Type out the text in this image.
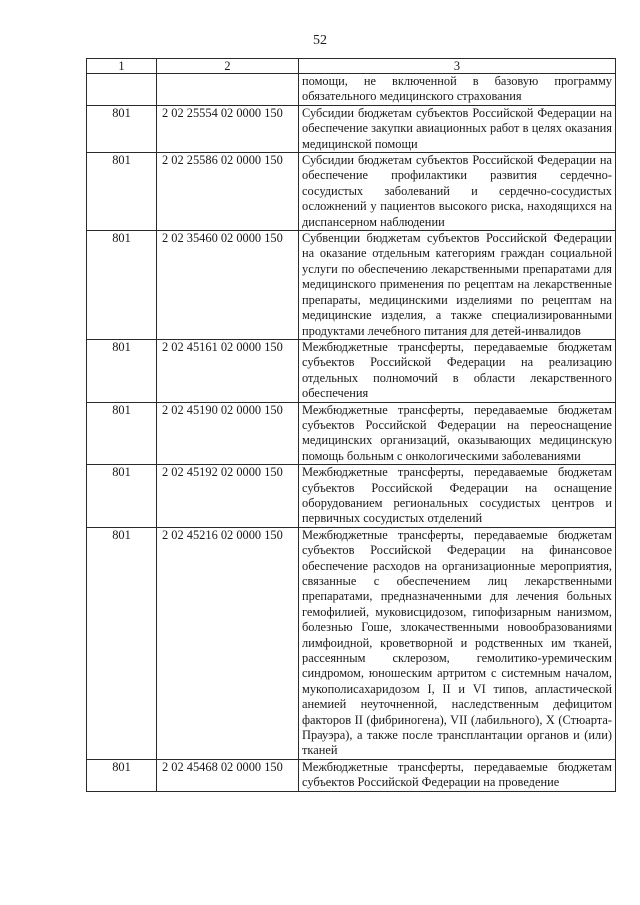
52
1	2	3
		помощи, не включенной в базовую программу обязательного медицинского страхования
801	2 02 25554 02 0000 150	Субсидии бюджетам субъектов Российской Федерации на обеспечение закупки авиационных работ в целях оказания медицинской помощи
801	2 02 25586 02 0000 150	Субсидии бюджетам субъектов Российской Федерации на обеспечение профилактики развития сердечно-сосудистых заболеваний и сердечно-сосудистых осложнений у пациентов высокого риска, находящихся на диспансерном наблюдении
801	2 02 35460 02 0000 150	Субвенции бюджетам субъектов Российской Федерации на оказание отдельным категориям граждан социальной услуги по обеспечению лекарственными препаратами для медицинского применения по рецептам на лекарственные препараты, медицинскими изделиями по рецептам на медицинские изделия, а также специализированными продуктами лечебного питания для детей-инвалидов
801	2 02 45161 02 0000 150	Межбюджетные трансферты, передаваемые бюджетам субъектов Российской Федерации на реализацию отдельных полномочий в области лекарственного обеспечения
801	2 02 45190 02 0000 150	Межбюджетные трансферты, передаваемые бюджетам субъектов Российской Федерации на переоснащение медицинских организаций, оказывающих медицинскую помощь больным с онкологическими заболеваниями
801	2 02 45192 02 0000 150	Межбюджетные трансферты, передаваемые бюджетам субъектов Российской Федерации на оснащение оборудованием региональных сосудистых центров и первичных сосудистых отделений
801	2 02 45216 02 0000 150	Межбюджетные трансферты, передаваемые бюджетам субъектов Российской Федерации на финансовое обеспечение расходов на организационные мероприятия, связанные с обеспечением лиц лекарственными препаратами, предназначенными для лечения больных гемофилией, муковисцидозом, гипофизарным нанизмом, болезнью Гоше, злокачественными новообразованиями лимфоидной, кроветворной и родственных им тканей, рассеянным склерозом, гемолитико-уремическим синдромом, юношеским артритом с системным началом, мукополисахаридозом I, II и VI типов, апластической анемией неуточненной, наследственным дефицитом факторов II (фибриногена), VII (лабильного), X (Стюарта-Прауэра), а также после трансплантации органов и (или) тканей
801	2 02 45468 02 0000 150	Межбюджетные трансферты, передаваемые бюджетам субъектов Российской Федерации на проведение
